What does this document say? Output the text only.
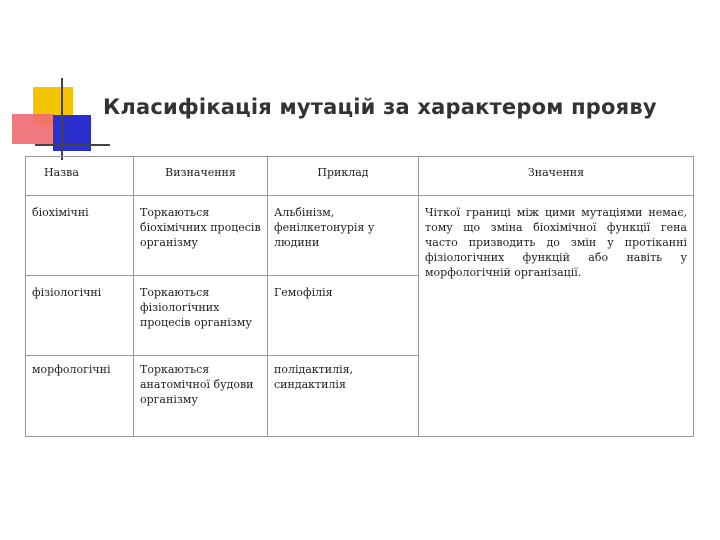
Класифікація мутацій за характером прояву
Назва	Визначення	Приклад	Значення
біохімічні	Торкаються біохімічних процесів організму	Альбінізм, фенілкетонурія у людини	Чіткої границі між цими мутаціями немає, тому що зміна біохімічної функції гена часто призводить до змін у протіканні фізіологічних функцій або навіть у морфологічній організації.
фізіологічні	Торкаються фізіологічних процесів організму	Гемофілія	
морфологічні	Торкаються анатомічної будови організму	полідактилія, синдактилія	
